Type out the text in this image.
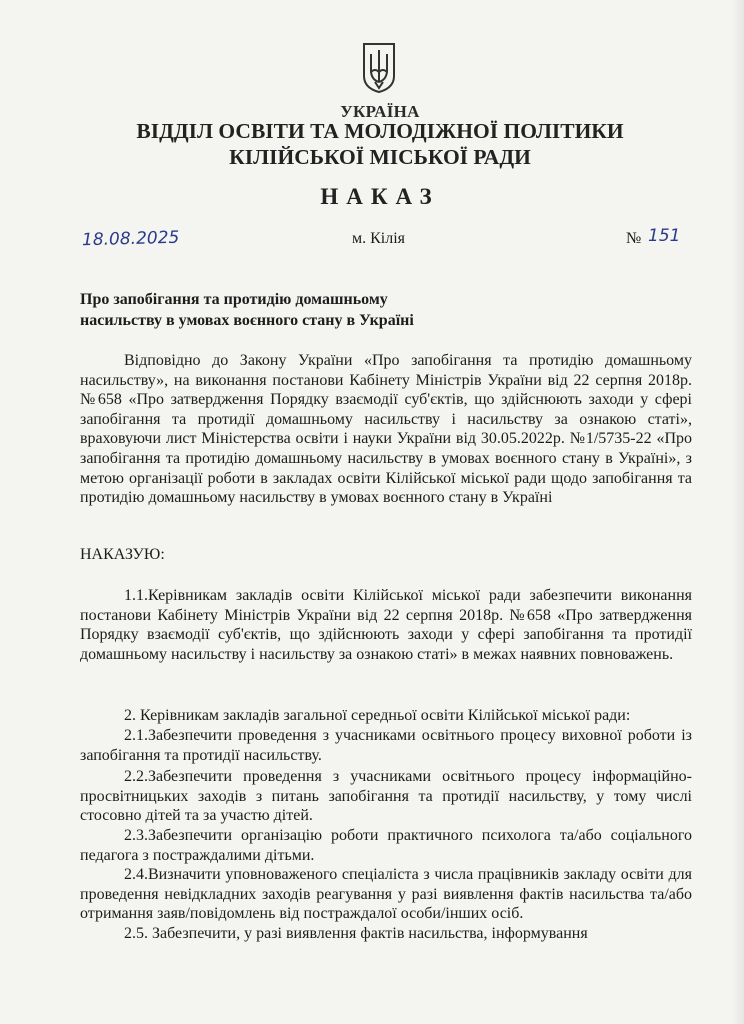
УКРАЇНА
ВІДДІЛ ОСВІТИ ТА МОЛОДІЖНОЇ ПОЛІТИКИ
КІЛІЙСЬКОЇ МІСЬКОЇ РАДИ
НАКАЗ
18.08.2025	м. Кілія	№ 151
Про запобігання та протидію домашньому
насильству в умовах воєнного стану в Україні
Відповідно до Закону України «Про запобігання та протидію домашньому насильству», на виконання постанови Кабінету Міністрів України від 22 серпня 2018р. №658 «Про затвердження Порядку взаємодії суб'єктів, що здійснюють заходи у сфері запобігання та протидії домашньому насильству і насильству за ознакою статі», враховуючи лист Міністерства освіти і науки України від 30.05.2022р. №1/5735-22 «Про запобігання та протидію домашньому насильству в умовах воєнного стану в Україні», з метою організації роботи в закладах освіти Кілійської міської ради щодо запобігання та протидію домашньому насильству в умовах воєнного стану в Україні
НАКАЗУЮ:
1.1.Керівникам закладів освіти Кілійської міської ради забезпечити виконання постанови Кабінету Міністрів України від 22 серпня 2018р. №658 «Про затвердження Порядку взаємодії суб'єктів, що здійснюють заходи у сфері запобігання та протидії домашньому насильству і насильству за ознакою статі» в межах наявних повноважень.
2. Керівникам закладів загальної середньої освіти Кілійської міської ради:
2.1.Забезпечити проведення з учасниками освітнього процесу виховної роботи із запобігання та протидії насильству.
2.2.Забезпечити проведення з учасниками освітнього процесу інформаційно-просвітницьких заходів з питань запобігання та протидії насильству, у тому числі стосовно дітей та за участю дітей.
2.3.Забезпечити організацію роботи практичного психолога та/або соціального педагога з постраждалими дітьми.
2.4.Визначити уповноваженого спеціаліста з числа працівників закладу освіти для проведення невідкладних заходів реагування у разі виявлення фактів насильства та/або отримання заяв/повідомлень від постраждалої особи/інших осіб.
2.5. Забезпечити, у разі виявлення фактів насильства, інформування
